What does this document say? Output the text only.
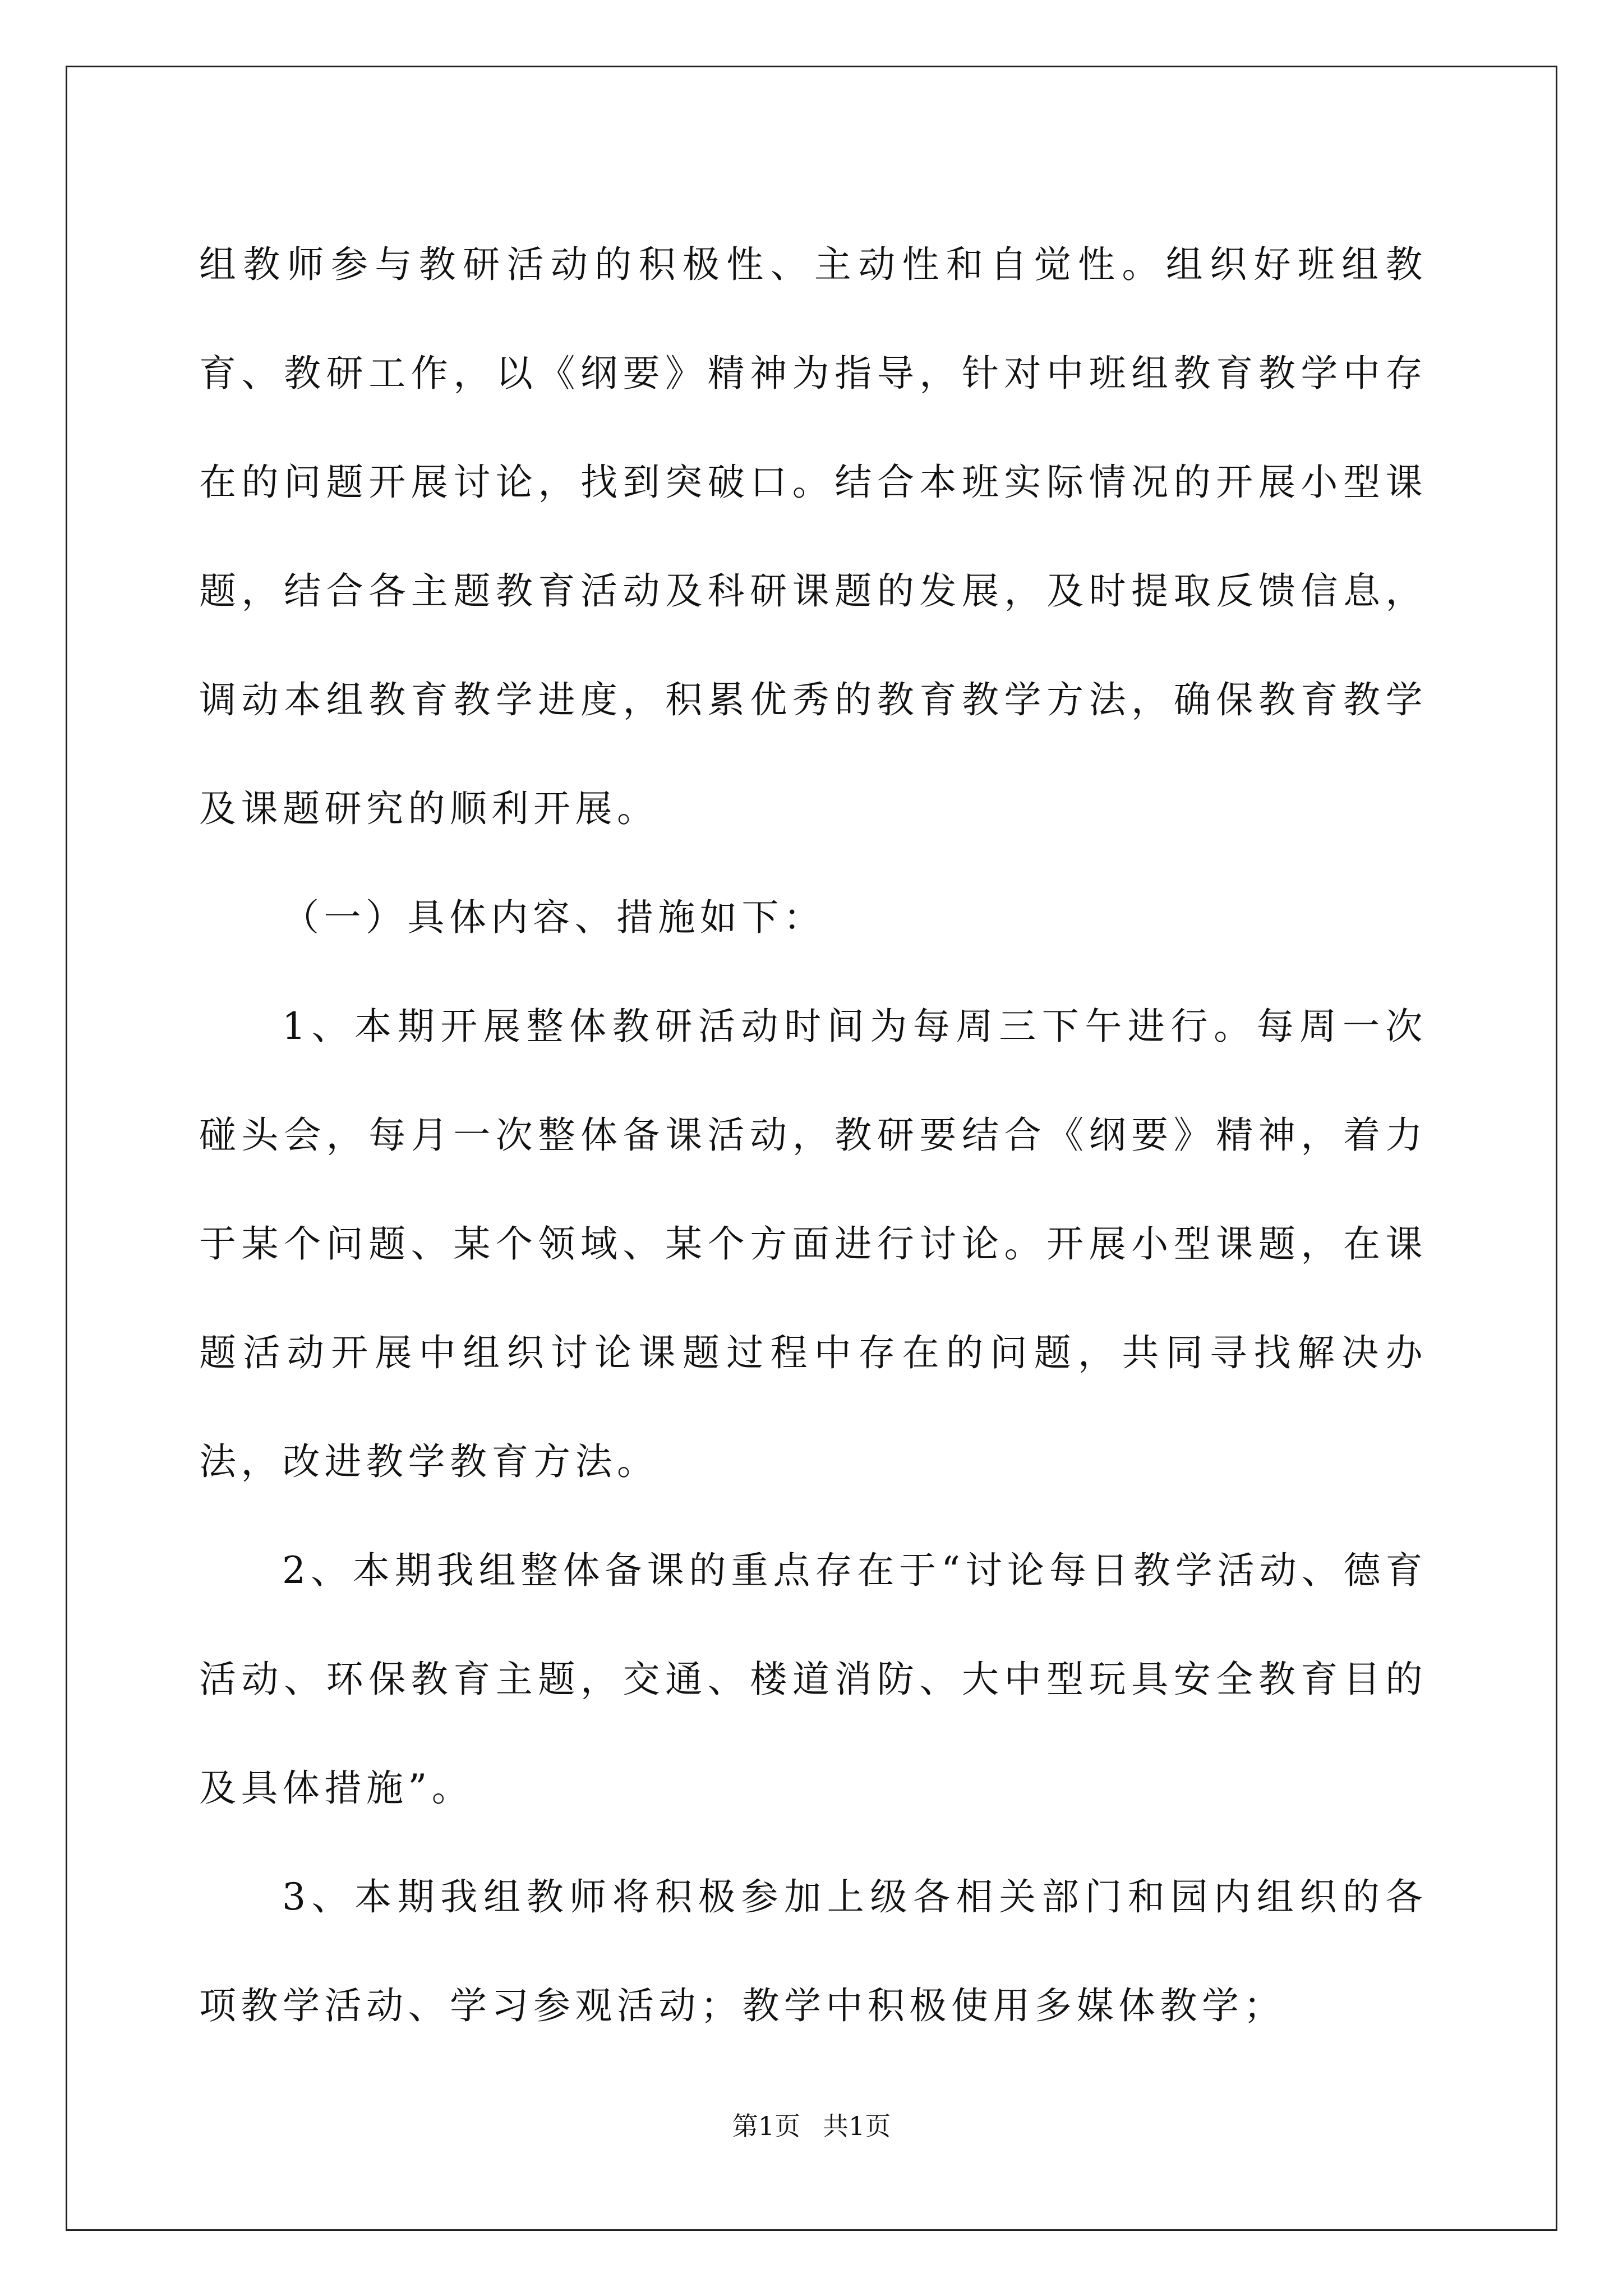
组教师参与教研活动的积极性、主动性和自觉性。组织好班组教育、教研工作，以《纲要》精神为指导，针对中班组教育教学中存在的问题开展讨论，找到突破口。结合本班实际情况的开展小型课题，结合各主题教育活动及科研课题的发展，及时提取反馈信息，调动本组教育教学进度，积累优秀的教育教学方法，确保教育教学及课题研究的顺利开展。

（一）具体内容、措施如下：

1、本期开展整体教研活动时间为每周三下午进行。每周一次碰头会，每月一次整体备课活动，教研要结合《纲要》精神，着力于某个问题、某个领域、某个方面进行讨论。开展小型课题，在课题活动开展中组织讨论课题过程中存在的问题，共同寻找解决办法，改进教学教育方法。

2、本期我组整体备课的重点存在于“讨论每日教学活动、德育活动、环保教育主题，交通、楼道消防、大中型玩具安全教育目的及具体措施”。

3、本期我组教师将积极参加上级各相关部门和园内组织的各项教学活动、学习参观活动；教学中积极使用多媒体教学；

第1页 共1页
